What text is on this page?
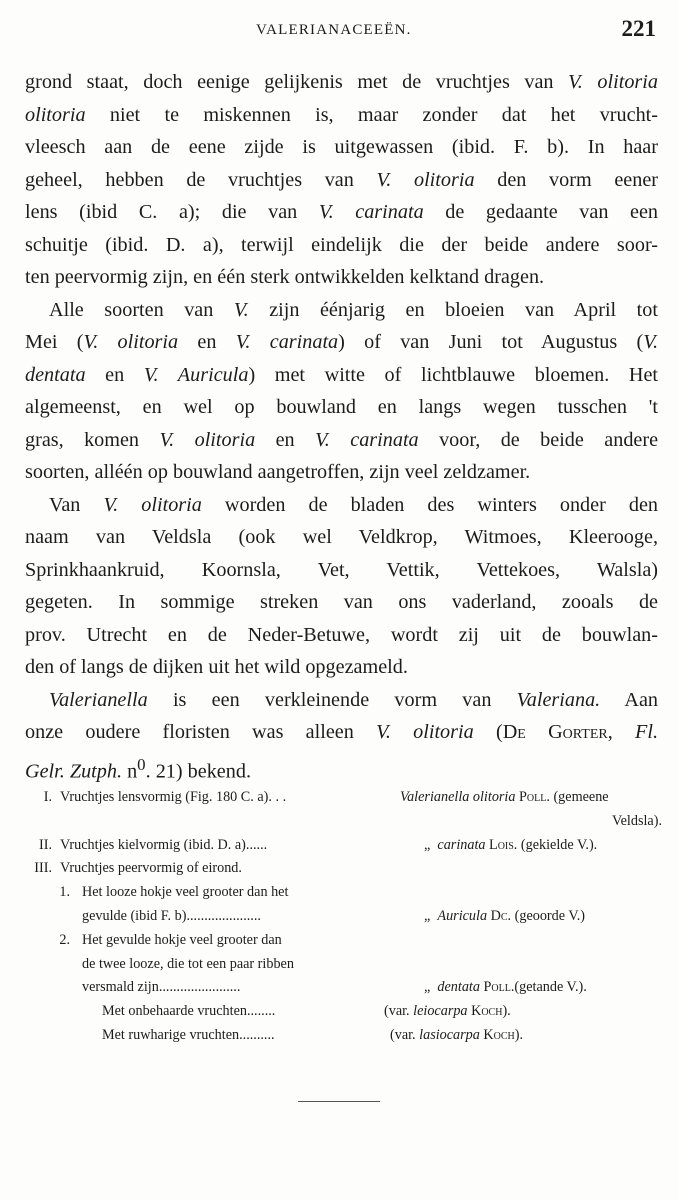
VALERIANACEEËN.	221
grond staat, doch eenige gelijkenis met de vruchtjes van V. olitoria
olitoria niet te miskennen is, maar zonder dat het vrucht-
vleesch aan de eene zijde is uitgewassen (ibid. F. b). In haar
geheel, hebben de vruchtjes van V. olitoria den vorm eener
lens (ibid C. a); die van V. carinata de gedaante van een
schuitje (ibid. D. a), terwijl eindelijk die der beide andere soor-
ten peervormig zijn, en één sterk ontwikkelden kelktand dragen.
Alle soorten van V. zijn éénjarig en bloeien van April tot
Mei (V. olitoria en V. carinata) of van Juni tot Augustus (V.
dentata en V. Auricula) met witte of lichtblauwe bloemen. Het
algemeenst, en wel op bouwland en langs wegen tusschen 't
gras, komen V. olitoria en V. carinata voor, de beide andere
soorten, alléén op bouwland aangetroffen, zijn veel zeldzamer.
Van V. olitoria worden de bladen des winters onder den
naam van Veldsla (ook wel Veldkrop, Witmoes, Kleerooge,
Sprinkhaankruid, Koornsla, Vet, Vettik, Vettekoes, Walsla)
gegeten. In sommige streken van ons vaderland, zooals de
prov. Utrecht en de Neder-Betuwe, wordt zij uit de bouwlan-
den of langs de dijken uit het wild opgezameld.
Valerianella is een verkleinende vorm van Valeriana. Aan
onze oudere floristen was alleen V. olitoria (De Gorter, Fl.
Gelr. Zutph. $n^0$. 21) bekend.
I. Vruchtjes lensvormig (Fig. 180 C. a). . .	Valerianella olitoria Poll. (gemeene
Veldsla).
II. Vruchtjes kielvormig (ibid. D. a)......	„ carinata Lois. (gekielde V.).
III. Vruchtjes peervormig of eirond.
1. Het looze hokje veel grooter dan het
gevulde (ibid F. b).....................	„ Auricula Dc. (geoorde V.)
2. Het gevulde hokje veel grooter dan
de twee looze, die tot een paar ribben
versmald zijn.......................	„ dentata Poll.(getande V.).
Met onbehaarde vruchten........	(var. leiocarpa Koch).
Met ruwharige vruchten..........	(var. lasiocarpa Koch).
